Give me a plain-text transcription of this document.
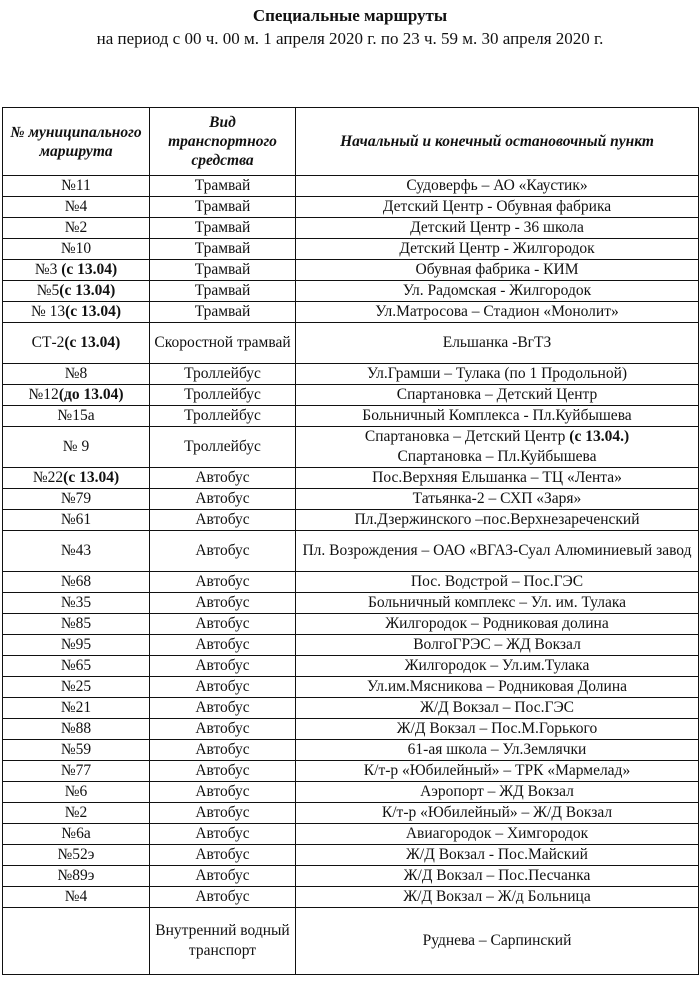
Специальные маршруты
на период с 00 ч. 00 м. 1 апреля 2020 г. по 23 ч. 59 м. 30 апреля 2020 г.
№ муниципального маршрута	Вид транспортного средства	Начальный и конечный остановочный пункт
№11	Трамвай	Судоверфь – АО «Каустик»
№4	Трамвай	Детский Центр - Обувная фабрика
№2	Трамвай	Детский Центр - 36 школа
№10	Трамвай	Детский Центр - Жилгородок
№3 (с 13.04)	Трамвай	Обувная фабрика - КИМ
№5(с 13.04)	Трамвай	Ул. Радомская - Жилгородок
№ 13(с 13.04)	Трамвай	Ул.Матросова – Стадион «Монолит»
СТ-2(с 13.04)	Скоростной трамвай	Ельшанка -ВгТЗ
№8	Троллейбус	Ул.Грамши – Тулака (по 1 Продольной)
№12(до 13.04)	Троллейбус	Спартановка – Детский Центр
№15а	Троллейбус	Больничный Комплекса - Пл.Куйбышева
№ 9	Троллейбус	Спартановка – Детский Центр (с 13.04.)
Спартановка – Пл.Куйбышева
№22(с 13.04)	Автобус	Пос.Верхняя Ельшанка – ТЦ «Лента»
№79	Автобус	Татьянка-2 – СХП «Заря»
№61	Автобус	Пл.Дзержинского –пос.Верхнезареченский
№43	Автобус	Пл. Возрождения – ОАО «ВГАЗ-Суал Алюминиевый завод
№68	Автобус	Пос. Водстрой – Пос.ГЭС
№35	Автобус	Больничный комплекс – Ул. им. Тулака
№85	Автобус	Жилгородок – Родниковая долина
№95	Автобус	ВолгоГРЭС – ЖД Вокзал
№65	Автобус	Жилгородок – Ул.им.Тулака
№25	Автобус	Ул.им.Мясникова – Родниковая Долина
№21	Автобус	Ж/Д Вокзал – Пос.ГЭС
№88	Автобус	Ж/Д Вокзал – Пос.М.Горького
№59	Автобус	61-ая школа – Ул.Землячки
№77	Автобус	К/т-р «Юбилейный» – ТРК «Мармелад»
№6	Автобус	Аэропорт – ЖД Вокзал
№2	Автобус	К/т-р «Юбилейный» – Ж/Д Вокзал
№6а	Автобус	Авиагородок – Химгородок
№52э	Автобус	Ж/Д Вокзал - Пос.Майский
№89э	Автобус	Ж/Д Вокзал – Пос.Песчанка
№4	Автобус	Ж/Д Вокзал – Ж/д Больница
	Внутренний водный транспорт	Руднева – Сарпинский
